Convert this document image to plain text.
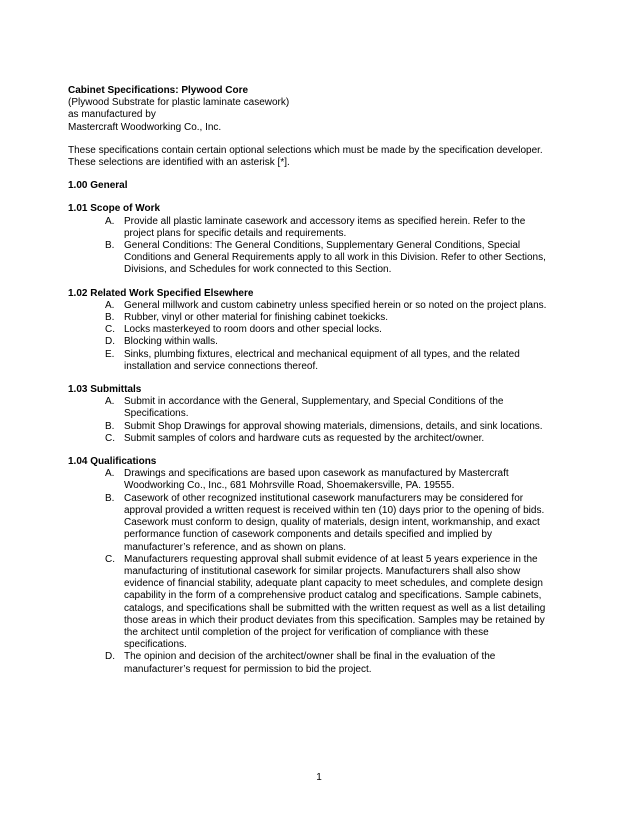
Cabinet Specifications: Plywood Core
(Plywood Substrate for plastic laminate casework)
as manufactured by
Mastercraft Woodworking Co., Inc.
These specifications contain certain optional selections which must be made by the specification developer.
These selections are identified with an asterisk [*].
1.00 General
1.01 Scope of Work
A. Provide all plastic laminate casework and accessory items as specified herein. Refer to the
project plans for specific details and requirements.
B. General Conditions: The General Conditions, Supplementary General Conditions, Special
Conditions and General Requirements apply to all work in this Division. Refer to other Sections,
Divisions, and Schedules for work connected to this Section.
1.02 Related Work Specified Elsewhere
A. General millwork and custom cabinetry unless specified herein or so noted on the project plans.
B. Rubber, vinyl or other material for finishing cabinet toekicks.
C. Locks masterkeyed to room doors and other special locks.
D. Blocking within walls.
E. Sinks, plumbing fixtures, electrical and mechanical equipment of all types, and the related
installation and service connections thereof.
1.03 Submittals
A. Submit in accordance with the General, Supplementary, and Special Conditions of the
Specifications.
B. Submit Shop Drawings for approval showing materials, dimensions, details, and sink locations.
C. Submit samples of colors and hardware cuts as requested by the architect/owner.
1.04 Qualifications
A. Drawings and specifications are based upon casework as manufactured by Mastercraft
Woodworking Co., Inc., 681 Mohrsville Road, Shoemakersville, PA. 19555.
B. Casework of other recognized institutional casework manufacturers may be considered for
approval provided a written request is received within ten (10) days prior to the opening of bids.
Casework must conform to design, quality of materials, design intent, workmanship, and exact
performance function of casework components and details specified and implied by
manufacturer’s reference, and as shown on plans.
C. Manufacturers requesting approval shall submit evidence of at least 5 years experience in the
manufacturing of institutional casework for similar projects. Manufacturers shall also show
evidence of financial stability, adequate plant capacity to meet schedules, and complete design
capability in the form of a comprehensive product catalog and specifications. Sample cabinets,
catalogs, and specifications shall be submitted with the written request as well as a list detailing
those areas in which their product deviates from this specification. Samples may be retained by
the architect until completion of the project for verification of compliance with these
specifications.
D. The opinion and decision of the architect/owner shall be final in the evaluation of the
manufacturer’s request for permission to bid the project.
1
